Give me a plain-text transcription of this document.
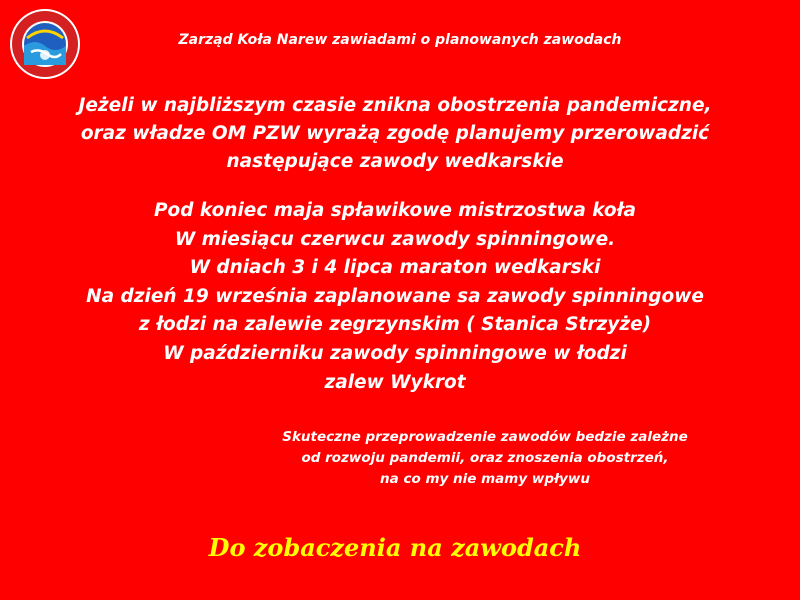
Zarząd Koła Narew zawiadami o planowanych zawodach
Jeżeli w najbliższym czasie znikna obostrzenia pandemiczne,
oraz władze OM PZW wyrażą zgodę planujemy przerowadzić
następujące zawody wedkarskie
Pod koniec maja spławikowe mistrzostwa koła
W miesiącu czerwcu zawody spinningowe.
W dniach 3 i 4 lipca maraton wedkarski
Na dzień 19 września zaplanowane sa zawody spinningowe
z łodzi na zalewie zegrzynskim ( Stanica Strzyże)
W październiku zawody spinningowe w łodzi
zalew Wykrot
Skuteczne przeprowadzenie zawodów bedzie zależne
od rozwoju pandemii, oraz znoszenia obostrzeń,
na co my nie mamy wpływu
Do zobaczenia na zawodach
